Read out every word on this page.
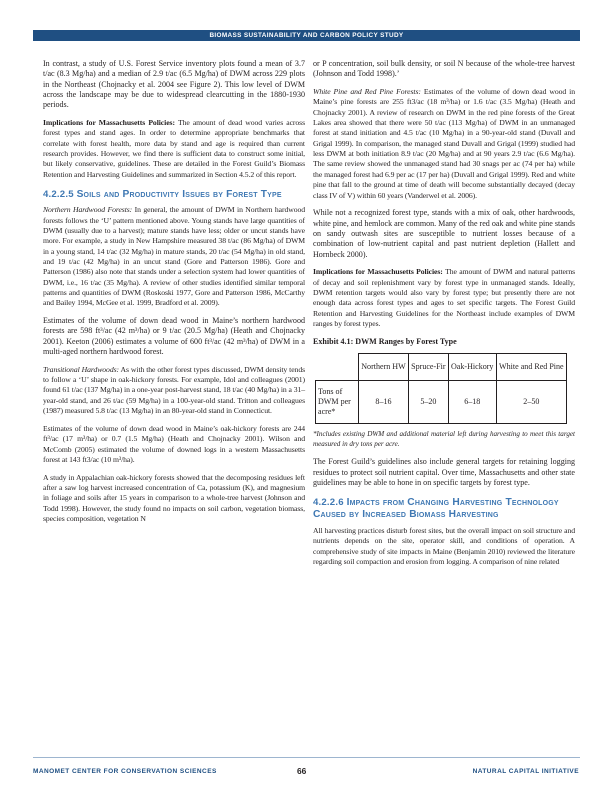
BIOMASS SUSTAINABILITY AND CARBON POLICY STUDY

In contrast, a study of U.S. Forest Service inventory plots found a mean of 3.7 t/ac (8.3 Mg/ha) and a median of 2.9 t/ac (6.5 Mg/ha) of DWM across 229 plots in the Northeast (Chojnacky et al. 2004 see Figure 2). This low level of DWM across the landscape may be due to widespread clearcutting in the 1880-1930 periods.

Implications for Massachusetts Policies: The amount of dead wood varies across forest types and stand ages. In order to determine appropriate benchmarks that correlate with forest health, more data by stand and age is required than current research provides. However, we find there is sufficient data to construct some initial, but likely conservative, guidelines. These are detailed in the Forest Guild’s Biomass Retention and Harvesting Guidelines and summarized in Section 4.5.2 of this report.

4.2.2.5 Soils and Productivity Issues by Forest Type

Northern Hardwood Forests: In general, the amount of DWM in Northern hardwood forests follows the ‘U’ pattern mentioned above. Young stands have large quantities of DWM (usually due to a harvest); mature stands have less; older or uncut stands have more. For example, a study in New Hampshire measured 38 t/ac (86 Mg/ha) of DWM in a young stand, 14 t/ac (32 Mg/ha) in mature stands, 20 t/ac (54 Mg/ha) in old stand, and 19 t/ac (42 Mg/ha) in an uncut stand (Gore and Patterson 1986). Gore and Patterson (1986) also note that stands under a selection system had lower quantities of DWM, i.e., 16 t/ac (35 Mg/ha). A review of other studies identified similar temporal patterns and quantities of DWM (Roskoski 1977, Gore and Patterson 1986, McCarthy and Bailey 1994, McGee et al. 1999, Bradford et al. 2009).

Estimates of the volume of down dead wood in Maine’s northern hardwood forests are 598 ft³/ac (42 m³/ha) or 9 t/ac (20.5 Mg/ha) (Heath and Chojnacky 2001). Keeton (2006) estimates a volume of 600 ft³/ac (42 m³/ha) of DWM in a multi-aged northern hardwood forest.

Transitional Hardwoods: As with the other forest types discussed, DWM density tends to follow a ‘U’ shape in oak-hickory forests. For example, Idol and colleagues (2001) found 61 t/ac (137 Mg/ha) in a one-year post-harvest stand, 18 t/ac (40 Mg/ha) in a 31–year-old stand, and 26 t/ac (59 Mg/ha) in a 100-year-old stand. Tritton and colleagues (1987) measured 5.8 t/ac (13 Mg/ha) in an 80-year-old stand in Connecticut.

Estimates of the volume of down dead wood in Maine’s oak-hickory forests are 244 ft³/ac (17 m³/ha) or 0.7 (1.5 Mg/ha) (Heath and Chojnacky 2001). Wilson and McComb (2005) estimated the volume of downed logs in a western Massachusetts forest at 143 ft3/ac (10 m³/ha).

A study in Appalachian oak-hickory forests showed that the decomposing residues left after a saw log harvest increased concentration of Ca, potassium (K), and magnesium in foliage and soils after 15 years in comparison to a whole-tree harvest (Johnson and Todd 1998). However, the study found no impacts on soil carbon, vegetation biomass, species composition, vegetation N

or P concentration, soil bulk density, or soil N because of the whole-tree harvest (Johnson and Todd 1998).’

White Pine and Red Pine Forests: Estimates of the volume of down dead wood in Maine’s pine forests are 255 ft3/ac (18 m³/ha) or 1.6 t/ac (3.5 Mg/ha) (Heath and Chojnacky 2001). A review of research on DWM in the red pine forests of the Great Lakes area showed that there were 50 t/ac (113 Mg/ha) of DWM in an unmanaged forest at stand initiation and 4.5 t/ac (10 Mg/ha) in a 90-year-old stand (Duvall and Grigal 1999). In comparison, the managed stand Duvall and Grigal (1999) studied had less DWM at both initiation 8.9 t/ac (20 Mg/ha) and at 90 years 2.9 t/ac (6.6 Mg/ha). The same review showed the unmanaged stand had 30 snags per ac (74 per ha) while the managed forest had 6.9 per ac (17 per ha) (Duvall and Grigal 1999). Red and white pine that fall to the ground at time of death will become substantially decayed (decay class IV of V) within 60 years (Vanderwel et al. 2006).

While not a recognized forest type, stands with a mix of oak, other hardwoods, white pine, and hemlock are common. Many of the red oak and white pine stands on sandy outwash sites are susceptible to nutrient losses because of a combination of low-nutrient capital and past nutrient depletion (Hallett and Hornbeck 2000).

Implications for Massachusetts Policies: The amount of DWM and natural patterns of decay and soil replenishment vary by forest type in unmanaged stands. Ideally, DWM retention targets would also vary by forest type; but presently there are not enough data across forest types and ages to set specific targets. The Forest Guild Retention and Harvesting Guidelines for the Northeast include examples of DWM ranges by forest types.

Exhibit 4.1: DWM Ranges by Forest Type

	Northern HW	Spruce-Fir	Oak-Hickory	White and Red Pine
Tons of DWM per acre*	8–16	5–20	6–18	2–50

*Includes existing DWM and additional material left during harvesting to meet this target measured in dry tons per acre.

The Forest Guild’s guidelines also include general targets for retaining logging residues to protect soil nutrient capital. Over time, Massachusetts and other state guidelines may be able to hone in on specific targets by forest type.

4.2.2.6 Impacts from Changing Harvesting Technology Caused by Increased Biomass Harvesting

All harvesting practices disturb forest sites, but the overall impact on soil structure and nutrients depends on the site, operator skill, and conditions of operation. A comprehensive study of site impacts in Maine (Benjamin 2010) reviewed the literature regarding soil compaction and erosion from logging. A comparison of nine related

MANOMET CENTER FOR CONSERVATION SCIENCES	66	NATURAL CAPITAL INITIATIVE
